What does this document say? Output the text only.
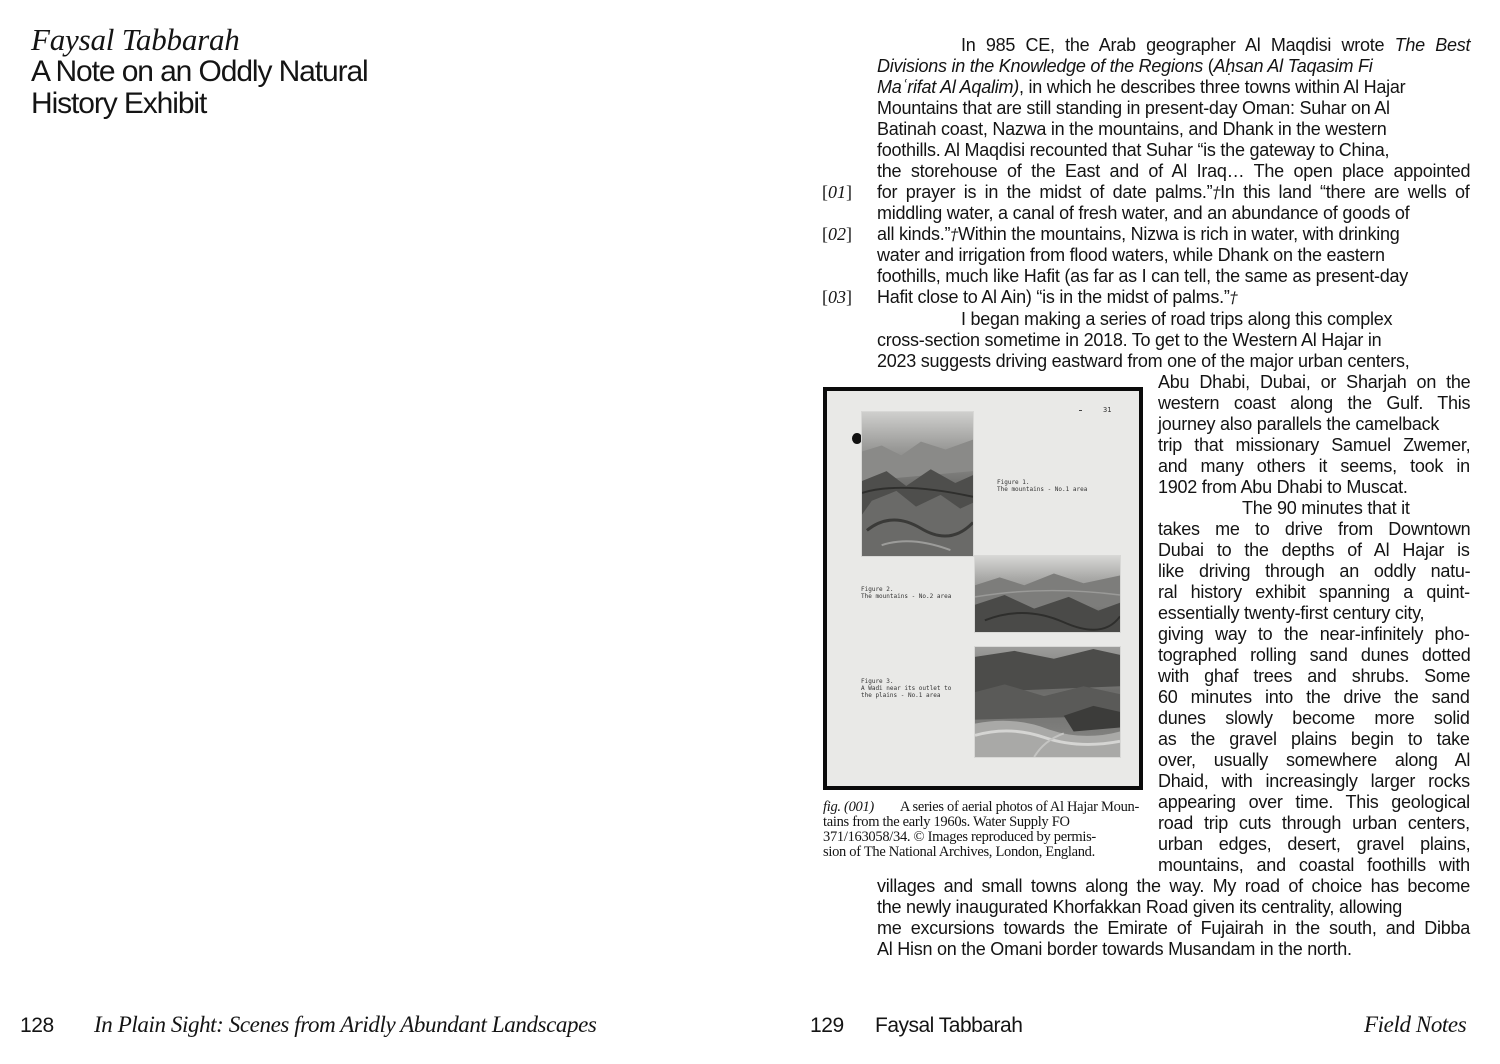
Faysal Tabbarah
A Note on an Oddly Natural
History Exhibit
128 In Plain Sight: Scenes from Aridly Abundant Landscapes
In 985 CE, the Arab geographer Al Maqdisi wrote The Best
Divisions in the Knowledge of the Regions (Aḥsan Al Taqasim Fi
Maʿrifat Al Aqalim), in which he describes three towns within Al Hajar
Mountains that are still standing in present-day Oman: Suhar on Al
Batinah coast, Nazwa in the mountains, and Dhank in the western
foothills. Al Maqdisi recounted that Suhar “is the gateway to China,
the storehouse of the East and of Al Iraq… The open place appointed
for prayer is in the midst of date palms.”†In this land “there are wells of
middling water, a canal of fresh water, and an abundance of goods of
all kinds.”†Within the mountains, Nizwa is rich in water, with drinking
water and irrigation from flood waters, while Dhank on the eastern
foothills, much like Hafit (as far as I can tell, the same as present-day
Hafit close to Al Ain) “is in the midst of palms.”†
[01]
[02]
[03]
I began making a series of road trips along this complex
cross-section sometime in 2018. To get to the Western Al Hajar in
2023 suggests driving eastward from one of the major urban centers,
Abu Dhabi, Dubai, or Sharjah on the
western coast along the Gulf. This
journey also parallels the camelback
trip that missionary Samuel Zwemer,
and many others it seems, took in
1902 from Abu Dhabi to Muscat.
The 90 minutes that it
takes me to drive from Downtown
Dubai to the depths of Al Hajar is
like driving through an oddly natu-
ral history exhibit spanning a quint-
essentially twenty-first century city,
giving way to the near-infinitely pho-
tographed rolling sand dunes dotted
with ghaf trees and shrubs. Some
60 minutes into the drive the sand
dunes slowly become more solid
as the gravel plains begin to take
over, usually somewhere along Al
Dhaid, with increasingly larger rocks
appearing over time. This geological
road trip cuts through urban centers,
urban edges, desert, gravel plains,
mountains, and coastal foothills with
villages and small towns along the way. My road of choice has become
the newly inaugurated Khorfakkan Road given its centrality, allowing
me excursions towards the Emirate of Fujairah in the south, and Dibba
Al Hisn on the Omani border towards Musandam in the north.
31
Figure 1.
The mountains - No.1 area
Figure 2.
The mountains - No.2 area
Figure 3.
A Wadi near its outlet to
the plains - No.1 area
fig. (001) A series of aerial photos of Al Hajar Moun-
tains from the early 1960s. Water Supply FO
371/163058/34. © Images reproduced by permis-
sion of The National Archives, London, England.
129 Faysal Tabbarah	Field Notes
